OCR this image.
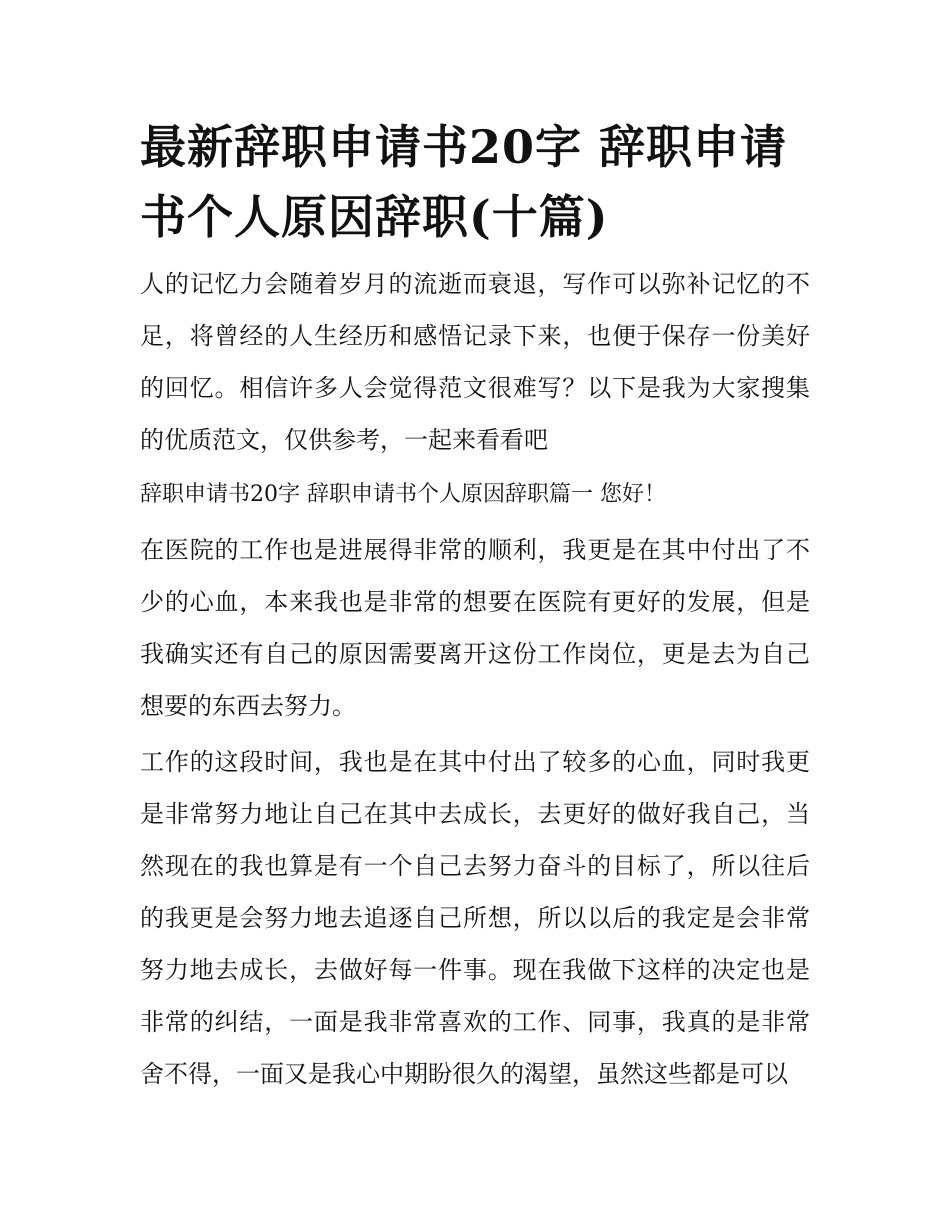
最新辞职申请书20字 辞职申请书个人原因辞职(十篇)

人的记忆力会随着岁月的流逝而衰退，写作可以弥补记忆的不足，将曾经的人生经历和感悟记录下来，也便于保存一份美好的回忆。相信许多人会觉得范文很难写？以下是我为大家搜集的优质范文，仅供参考，一起来看看吧

辞职申请书20字 辞职申请书个人原因辞职篇一 您好！

在医院的工作也是进展得非常的顺利，我更是在其中付出了不少的心血，本来我也是非常的想要在医院有更好的发展，但是我确实还有自己的原因需要离开这份工作岗位，更是去为自己想要的东西去努力。

工作的这段时间，我也是在其中付出了较多的心血，同时我更是非常努力地让自己在其中去成长，去更好的做好我自己，当然现在的我也算是有一个自己去努力奋斗的目标了，所以往后的我更是会努力地去追逐自己所想，所以以后的我定是会非常努力地去成长，去做好每一件事。现在我做下这样的决定也是非常的纠结，一面是我非常喜欢的工作、同事，我真的是非常舍不得，一面又是我心中期盼很久的渴望，虽然这些都是可以
